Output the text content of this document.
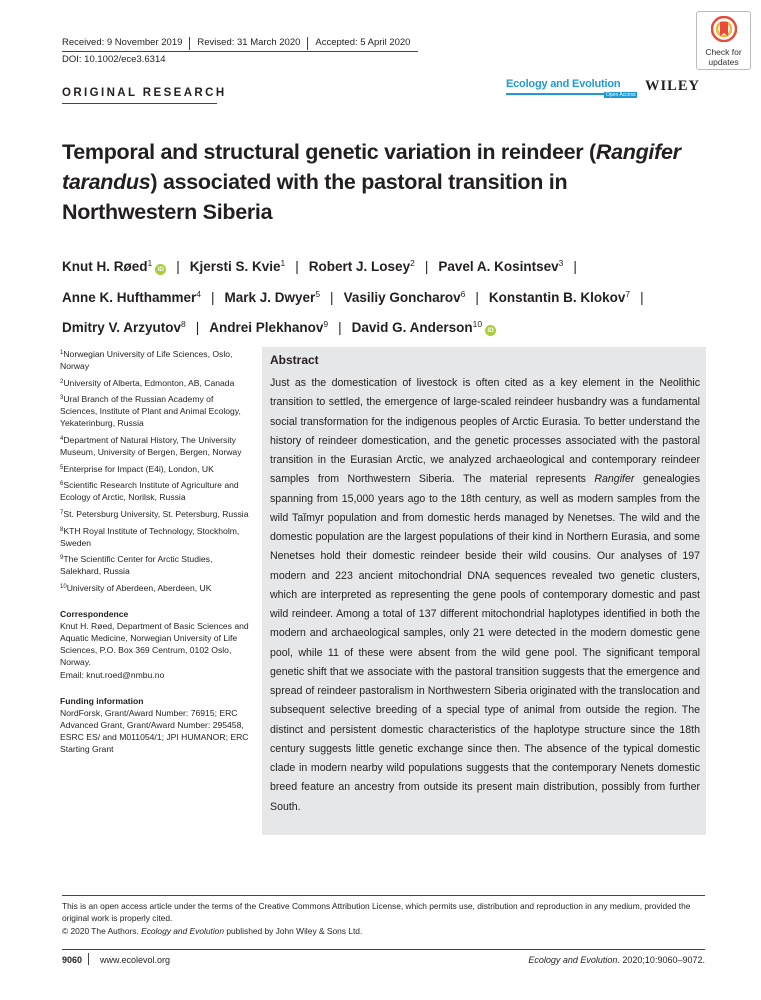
Received: 9 November 2019 Revised: 31 March 2020 Accepted: 5 April 2020
DOI: 10.1002/ece3.6314
Check for
updates
ORIGINAL RESEARCH
Ecology and Evolution
Open Access
WILEY
Temporal and structural genetic variation in reindeer (Rangifer tarandus) associated with the pastoral transition in Northwestern Siberia
Knut H. Røed$^1$iD | Kjersti S. Kvie$^1$ | Robert J. Losey$^2$ | Pavel A. Kosintsev$^3$ |
Anne K. Hufthammer$^4$ | Mark J. Dwyer$^5$ | Vasiliy Goncharov$^6$ | Konstantin B. Klokov$^7$ |
Dmitry V. Arzyutov$^8$ | Andrei Plekhanov$^9$ | David G. Anderson$^{10}$iD

$^1$Norwegian University of Life Sciences, Oslo, Norway

$^2$University of Alberta, Edmonton, AB, Canada

$^3$Ural Branch of the Russian Academy of Sciences, Institute of Plant and Animal Ecology, Yekaterinburg, Russia

$^4$Department of Natural History, The University Museum, University of Bergen, Bergen, Norway

$^5$Enterprise for Impact (E4i), London, UK

$^6$Scientific Research Institute of Agriculture and Ecology of Arctic, Norilsk, Russia

$^7$St. Petersburg University, St. Petersburg, Russia

$^8$KTH Royal Institute of Technology, Stockholm, Sweden

$^9$The Scientific Center for Arctic Studies, Salekhard, Russia

$^{10}$University of Aberdeen, Aberdeen, UK

Correspondence
Knut H. Røed, Department of Basic Sciences and Aquatic Medicine, Norwegian University of Life Sciences, P.O. Box 369 Centrum, 0102 Oslo, Norway.
Email: knut.roed@nmbu.no

Funding information
NordForsk, Grant/Award Number: 76915; ERC Advanced Grant, Grant/Award Number: 295458, ESRC ES/ and M011054/1; JPI HUMANOR; ERC Starting Grant

Abstract
Just as the domestication of livestock is often cited as a key element in the Neolithic transition to settled, the emergence of large-scaled reindeer husbandry was a fundamental social transformation for the indigenous peoples of Arctic Eurasia. To better understand the history of reindeer domestication, and the genetic processes associated with the pastoral transition in the Eurasian Arctic, we analyzed archaeological and contemporary reindeer samples from Northwestern Siberia. The material represents Rangifer genealogies spanning from 15,000 years ago to the 18th century, as well as modern samples from the wild Taĭmyr population and from domestic herds managed by Nenetses. The wild and the domestic population are the largest populations of their kind in Northern Eurasia, and some Nenetses hold their domestic reindeer beside their wild cousins. Our analyses of 197 modern and 223 ancient mitochondrial DNA sequences revealed two genetic clusters, which are interpreted as representing the gene pools of contemporary domestic and past wild reindeer. Among a total of 137 different mitochondrial haplotypes identified in both the modern and archaeological samples, only 21 were detected in the modern domestic gene pool, while 11 of these were absent from the wild gene pool. The significant temporal genetic shift that we associate with the pastoral transition suggests that the emergence and spread of reindeer pastoralism in Northwestern Siberia originated with the translocation and subsequent selective breeding of a special type of animal from outside the region. The distinct and persistent domestic characteristics of the haplotype structure since the 18th century suggests little genetic exchange since then. The absence of the typical domestic clade in modern nearby wild populations suggests that the contemporary Nenets domestic breed feature an ancestry from outside its present main distribution, possibly from further South.
This is an open access article under the terms of the Creative Commons Attribution License, which permits use, distribution and reproduction in any medium, provided the original work is properly cited.
© 2020 The Authors. Ecology and Evolution published by John Wiley & Sons Ltd.
9060 www.ecolevol.org	Ecology and Evolution. 2020;10:9060–9072.
